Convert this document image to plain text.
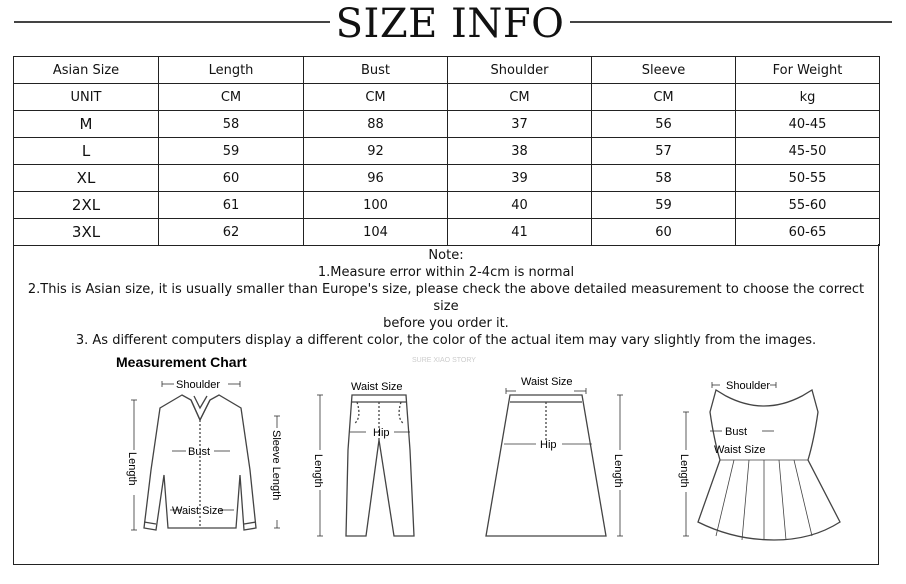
SIZE INFO
Asian Size	Length	Bust	Shoulder	Sleeve	For Weight
UNIT	CM	CM	CM	CM	kg
M	58	88	37	56	40-45
L	59	92	38	57	45-50
XL	60	96	39	58	50-55
2XL	61	100	40	59	55-60
3XL	62	104	41	60	60-65

Note:

1.Measure error within 2-4cm is normal

2.This is Asian size, it is usually smaller than Europe's size, please check the above detailed measurement to choose the correct size

before you order it.

3. As different computers display a different color, the color of the actual item may vary slightly from the images.

Measurement Chart	SURE XIAO STORY
Shoulder
Bust
Waist Size
Length	Sleeve Length
Waist Size
Hip
Length
Waist Size
Hip
Length
Shoulder
Bust
Waist Size
Length
